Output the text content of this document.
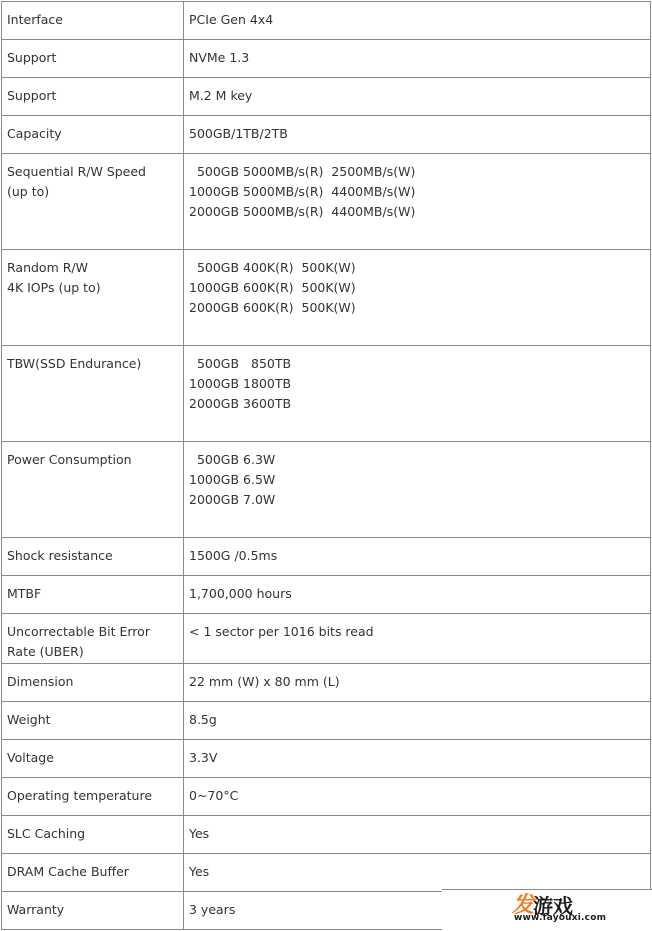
Interface	PCIe Gen 4x4

Support	NVMe 1.3

Support	M.2 M key

Capacity	500GB/1TB/2TB

Sequential R/W Speed
(up to)	500GB 5000MB/s(R)  2500MB/s(W)
1000GB 5000MB/s(R)  4400MB/s(W)
2000GB 5000MB/s(R)  4400MB/s(W)

Random R/W
4K IOPs (up to)	500GB 400K(R)  500K(W)
1000GB 600K(R)  500K(W)
2000GB 600K(R)  500K(W)

TBW(SSD Endurance)	500GB   850TB
1000GB 1800TB
2000GB 3600TB

Power Consumption	500GB 6.3W
1000GB 6.5W
2000GB 7.0W

Shock resistance	1500G /0.5ms

MTBF	1,700,000 hours

Uncorrectable Bit Error
Rate (UBER)	< 1 sector per 1016 bits read

Dimension	22 mm (W) x 80 mm (L)

Weight	8.5g

Voltage	3.3V

Operating temperature	0~70°C

SLC Caching	Yes

DRAM Cache Buffer	Yes

Warranty	3 years	发 游戏
www.fayouxi.com
